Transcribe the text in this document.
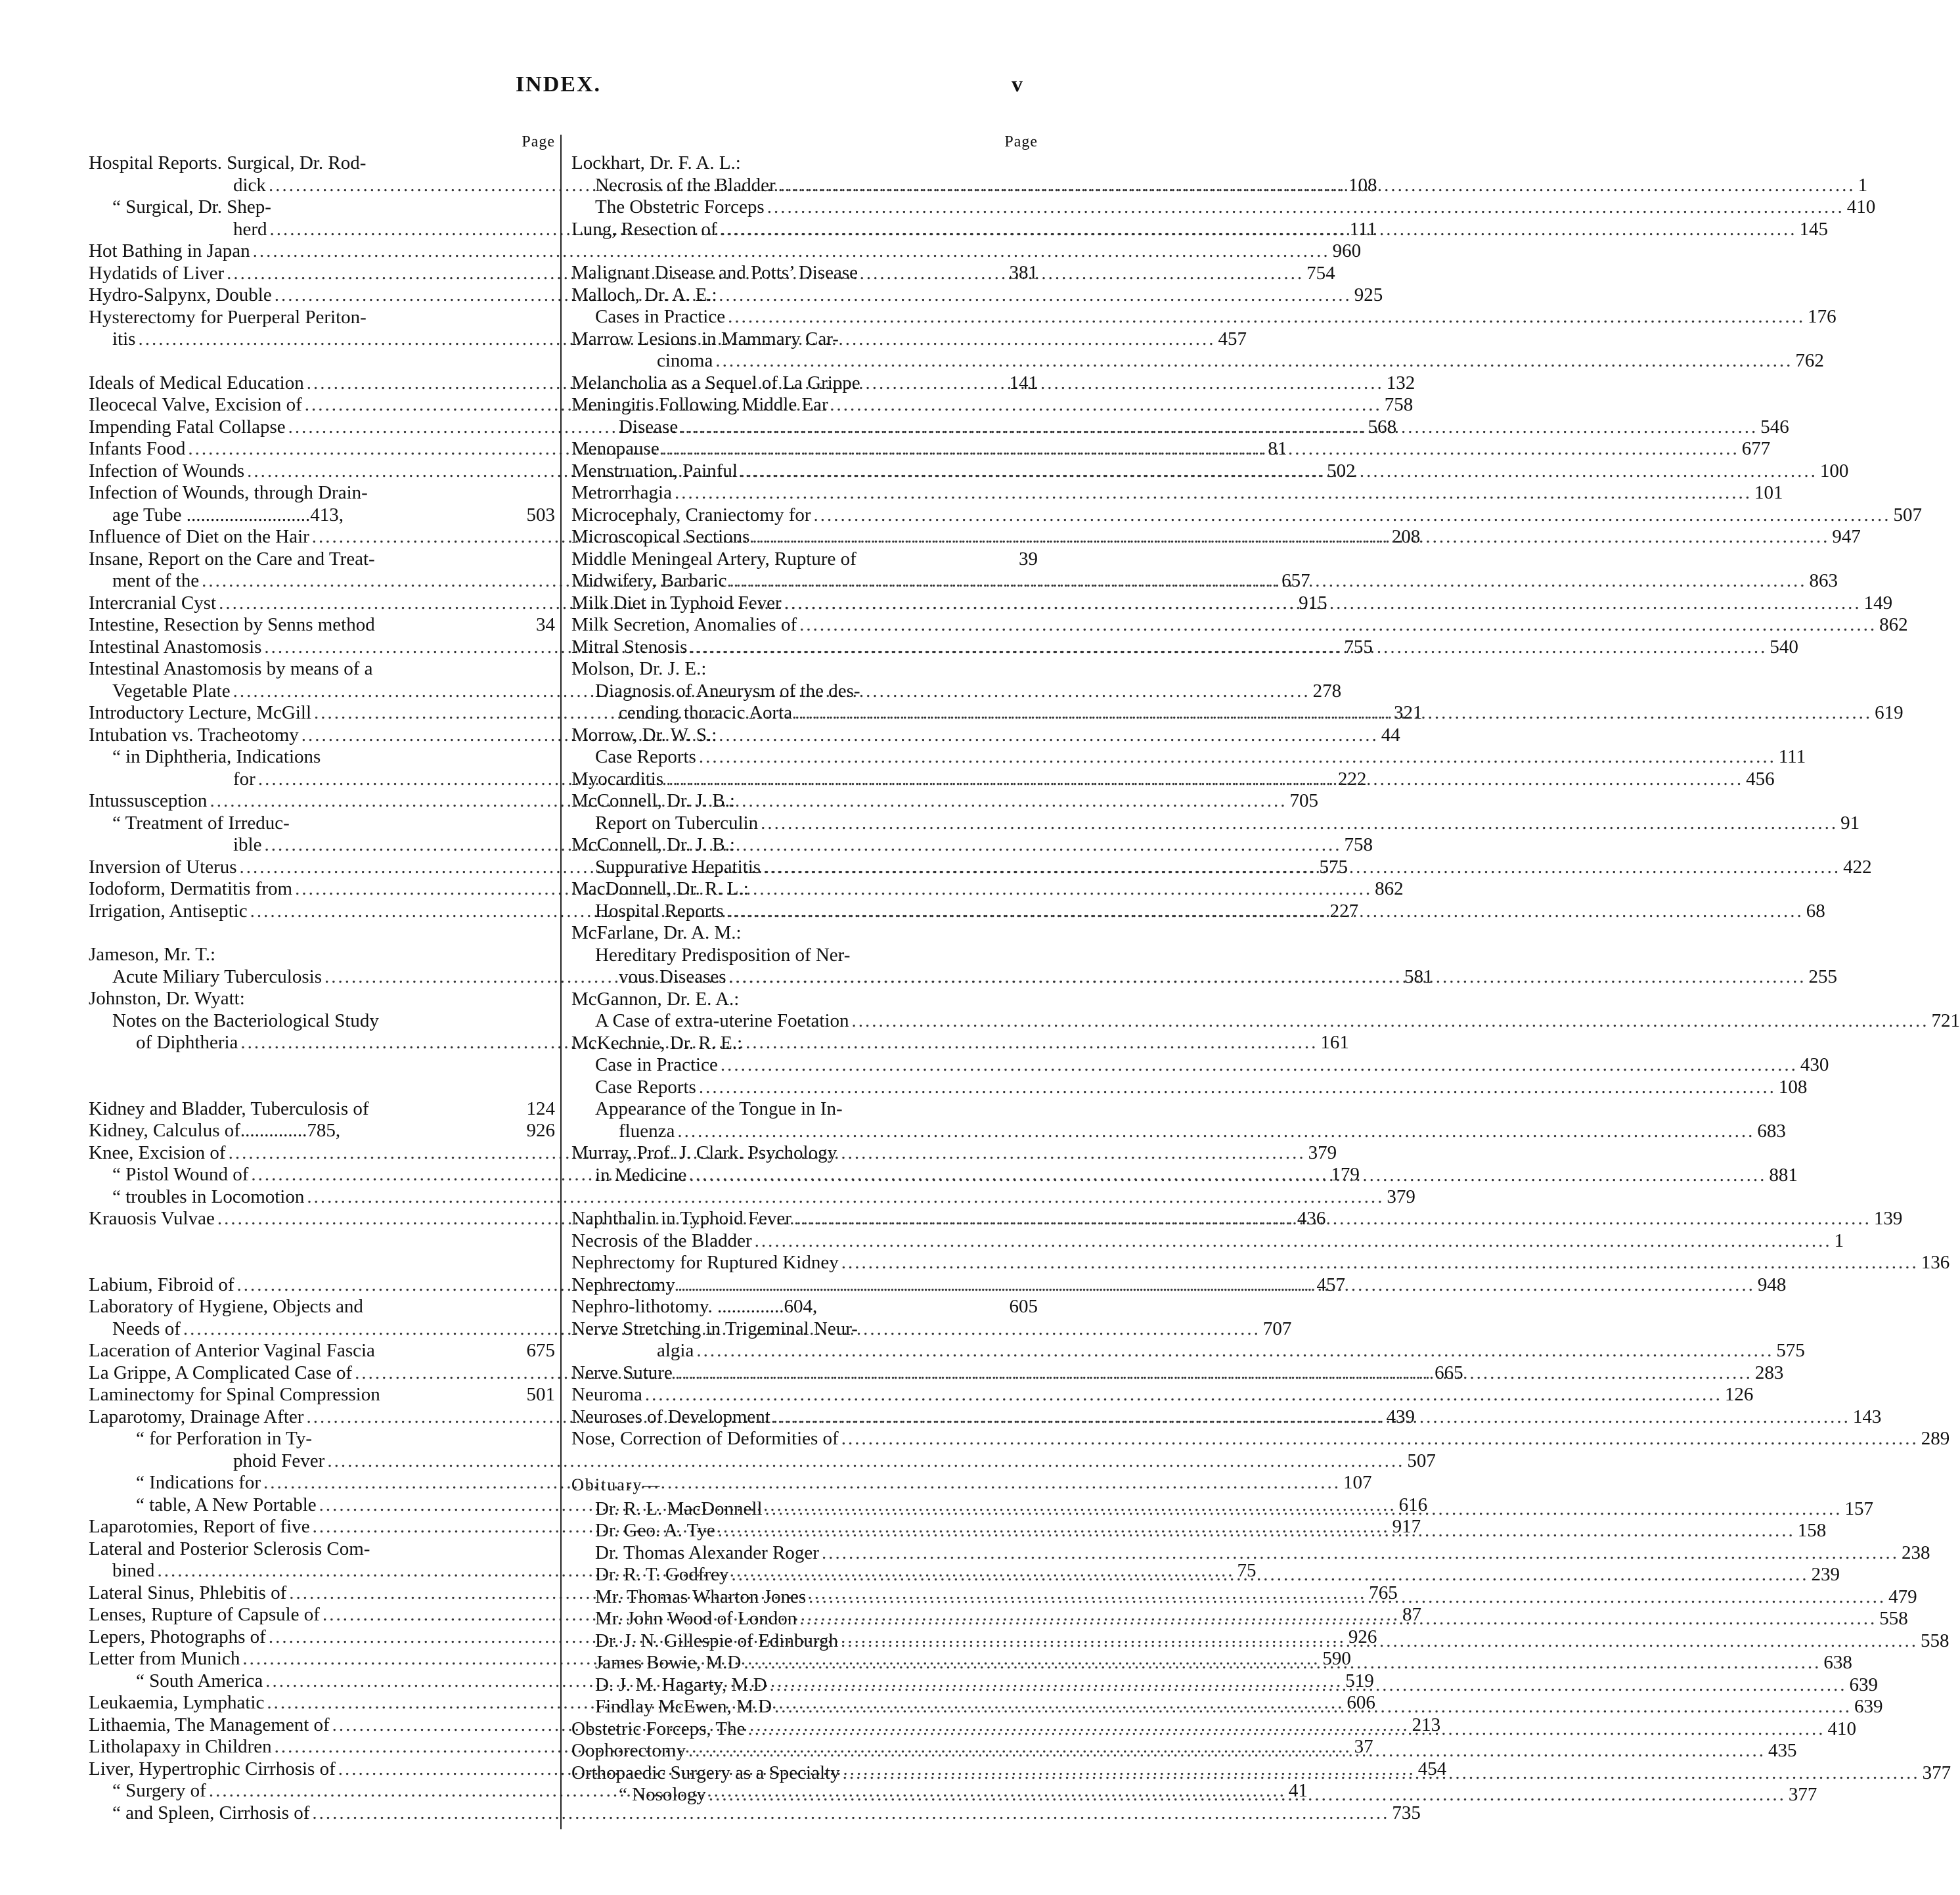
INDEX.	v
Page
Hospital Reports. Surgical, Dr. Rod-
dick .....	108
“ Surgical, Dr. Shep-
herd .....	111
Hot Bathing in Japan .....	960
Hydatids of Liver .....	754
Hydro-Salpynx, Double .....	925
Hysterectomy for Puerperal Periton-
itis .....	457
Ideals of Medical Education .....	132
Ileocecal Valve, Excision of .....	758
Impending Fatal Collapse .....	568
Infants Food .....	81
Infection of Wounds .....	502
Infection of Wounds, through Drain-
age Tube ..........................413,	503
Influence of Diet on the Hair .....	208
Insane, Report on the Care and Treat-
ment of the .....	657
Intercranial Cyst .....	915
Intestine, Resection by Senns method	34
Intestinal Anastomosis .....	755
Intestinal Anastomosis by means of a
Vegetable Plate .....	278
Introductory Lecture, McGill .....	321
Intubation vs. Tracheotomy .....	44
“ in Diphtheria, Indications
for .....	222
Intussusception .....	705
“ Treatment of Irreduc-
ible .....	758
Inversion of Uterus .....	575
Iodoform, Dermatitis from .....	862
Irrigation, Antiseptic .....	227
Jameson, Mr. T.:
Acute Miliary Tuberculosis .....	581
Johnston, Dr. Wyatt:
Notes on the Bacteriological Study
of Diphtheria .....	161
Kidney and Bladder, Tuberculosis of	124
Kidney, Calculus of..............785,	926
Knee, Excision of .....	379
“ Pistol Wound of .....	179
“ troubles in Locomotion .....	379
Krauosis Vulvae .....	436
Labium, Fibroid of .....	457
Laboratory of Hygiene, Objects and
Needs of .....	707
Laceration of Anterior Vaginal Fascia	675
La Grippe, A Complicated Case of .....	665
Laminectomy for Spinal Compression	501
Laparotomy, Drainage After .....	439
“ for Perforation in Ty-
phoid Fever .....	507
“ Indications for .....	107
“ table, A New Portable .....	616
Laparotomies, Report of five .....	917
Lateral and Posterior Sclerosis Com-
bined .....	75
Lateral Sinus, Phlebitis of .....	765
Lenses, Rupture of Capsule of .....	87
Lepers, Photographs of .....	926
Letter from Munich .....	590
“ South America .....	519
Leukaemia, Lymphatic .....	606
Lithaemia, The Management of .....	213
Litholapaxy in Children .....	37
Liver, Hypertrophic Cirrhosis of .....	454
“ Surgery of .....	41
“ and Spleen, Cirrhosis of .....	735
Page
Lockhart, Dr. F. A. L.:
Necrosis of the Bladder .....	1
The Obstetric Forceps .....	410
Lung, Resection of .....	145
Malignant Disease and Potts’ Disease	381
Malloch, Dr. A. E.:
Cases in Practice .....	176
Marrow Lesions in Mammary Car-
cinoma .....	762
Melancholia as a Sequel of La Grippe	141
Meningitis Following Middle Ear
Disease .....	546
Menopause .....	677
Menstruation, Painful .....	100
Metrorrhagia .....	101
Microcephaly, Craniectomy for .....	507
Microscopical Sections .....	947
Middle Meningeal Artery, Rupture of	39
Midwifery, Barbaric .....	863
Milk Diet in Typhoid Fever .....	149
Milk Secretion, Anomalies of .....	862
Mitral Stenosis .....	540
Molson, Dr. J. E.:
Diagnosis of Aneurysm of the des-
cending thoracic Aorta .....	619
Morrow, Dr. W. S.:
Case Reports .....	111
Myocarditis .....	456
McConnell, Dr. J. B.:
Report on Tuberculin .....	91
McConnell, Dr. J. B.:
Suppurative Hepatitis .....	422
MacDonnell, Dr. R. L.:
Hospital Reports .....	68
McFarlane, Dr. A. M.:
Hereditary Predisposition of Ner-
vous Diseases .....	255
McGannon, Dr. E. A.:
A Case of extra-uterine Foetation .....	721
McKechnie, Dr. R. E.:
Case in Practice .....	430
Case Reports .....	108
Appearance of the Tongue in In-
fluenza .....	683
Murray, Prof. J. Clark. Psychology
in Medicine .....	881
Naphthalin in Typhoid Fever .....	139
Necrosis of the Bladder .....	1
Nephrectomy for Ruptured Kidney .....	136
Nephrectomy .....	948
Nephro-lithotomy. ..............604,	605
Nerve Stretching in Trigeminal Neur-
algia .....	575
Nerve Suture .....	283
Neuroma .....	126
Neuroses of Development .....	143
Nose, Correction of Deformities of .....	289
Obituary—
Dr. R. L. MacDonnell .....	157
Dr. Geo. A. Tye .....	158
Dr. Thomas Alexander Roger .....	238
Dr. R. T. Godfrey .....	239
Mr. Thomas Wharton Jones .....	479
Mr. John Wood of London .....	558
Dr. J. N. Gillespie of Edinburgh .....	558
James Bowie, M.D .....	638
D. J. M. Hagarty, M.D .....	639
Findlay McEwen, M.D .....	639
Obstetric Forceps, The .....	410
Oophorectomy .....	435
Orthopaedic Surgery as a Specialty .....	377
“ Nosology .....	377
